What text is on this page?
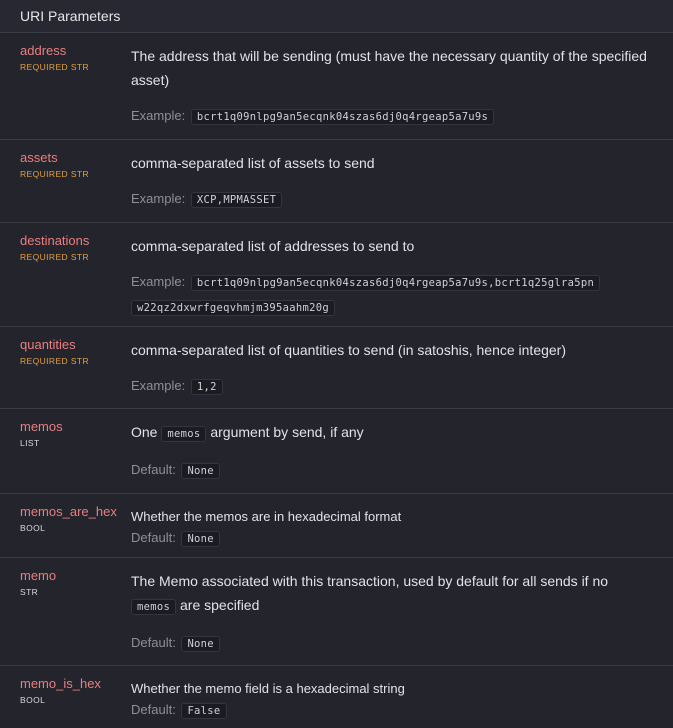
URI Parameters
address
REQUIRED STR
The address that will be sending (must have the necessary quantity of the specified asset)
Example: bcrt1q09nlpg9an5ecqnk04szas6dj0q4rgeap5a7u9s
assets
REQUIRED STR
comma-separated list of assets to send
Example: XCP,MPMASSET
destinations
REQUIRED STR
comma-separated list of addresses to send to
Example: bcrt1q09nlpg9an5ecqnk04szas6dj0q4rgeap5a7u9s,bcrt1q25glra5pn
w22qz2dxwrfgeqvhmjm395aahm20g
quantities
REQUIRED STR
comma-separated list of quantities to send (in satoshis, hence integer)
Example: 1,2
memos
LIST
One memos argument by send, if any
Default: None
memos_are_hex
BOOL
Whether the memos are in hexadecimal format
Default: None
memo
STR
The Memo associated with this transaction, used by default for all sends if no
memos are specified
Default: None
memo_is_hex
BOOL
Whether the memo field is a hexadecimal string
Default: False
